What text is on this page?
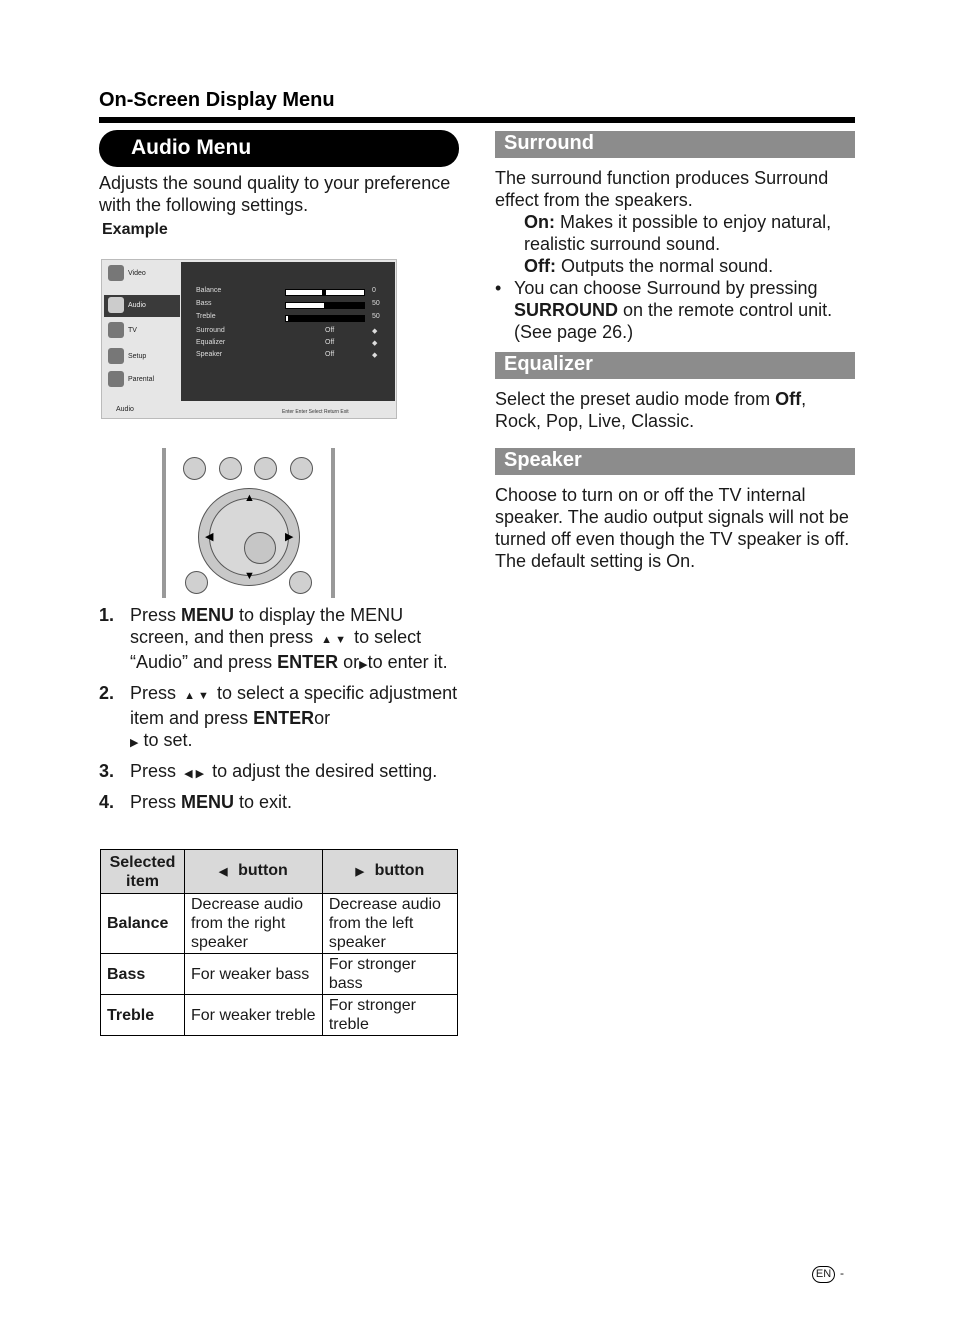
On-Screen Display Menu
Audio Menu
Adjusts the sound quality to your preference with the following settings.
Example
Video
Audio
TV
Setup
Parental
Balance	0
Bass	50
Treble	50
Surround	Off	◆
Equalizer	Off	◆
Speaker	Off	◆
Audio	Enter Enter Select Return Exit
▲
▼
◀	▶
1. Press MENU to display the MENU screen, and then press  ▲ ▼  to select “Audio” and press ENTER or▶to enter it.
2. Press  ▲ ▼  to select a specific adjustment item and press ENTERor
▶ to set.
3. Press  ◀ ▶  to adjust the desired setting.
4. Press MENU to exit.
Selected item	◀   button	▶   button
Balance	Decrease audio from the right speaker	Decrease audio from the left speaker
Bass	For weaker bass	For stronger bass
Treble	For weaker treble	For stronger treble
Surround
The surround function produces Surround effect from the speakers.
On: Makes it possible to enjoy natural, realistic surround sound.
Off: Outputs the normal sound.
• You can choose Surround by pressing SURROUND on the remote control unit. (See page 26.)
Equalizer
Select the preset audio mode from Off, Rock, Pop, Live, Classic.
Speaker
Choose to turn on or off the TV internal speaker. The audio output signals will not be turned off even though the TV speaker is off. The default setting is On.
EN -
